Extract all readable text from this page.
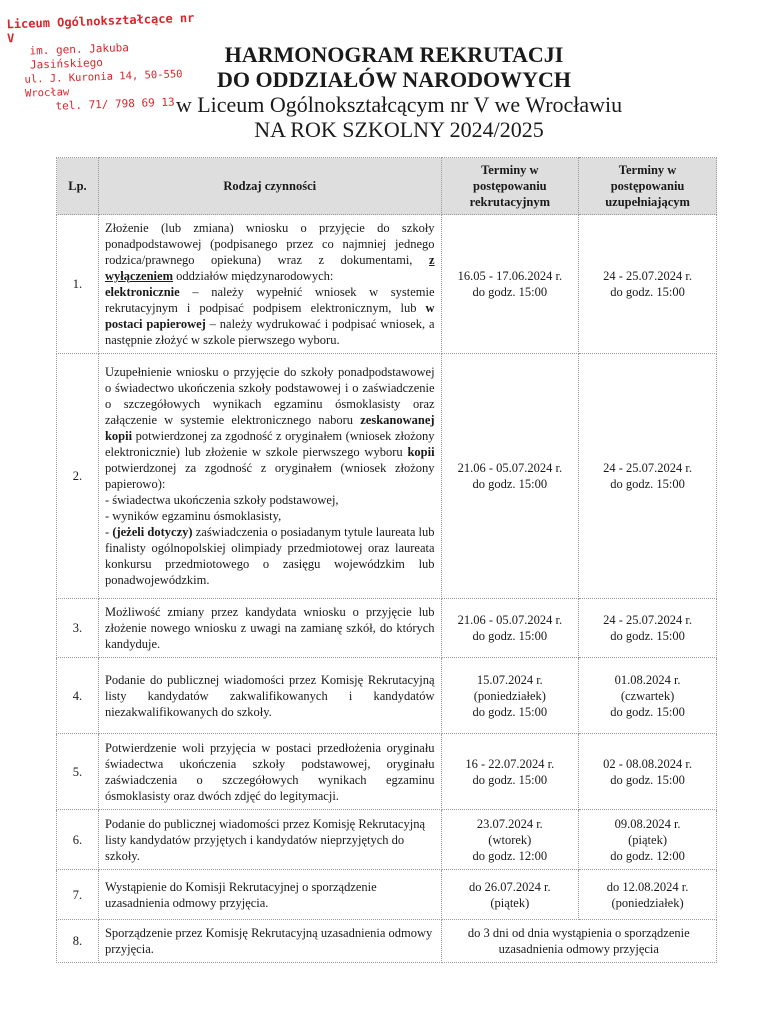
Liceum Ogólnokształcące nr V
im. gen. Jakuba Jasińskiego
ul. J. Kuronia 14, 50-550 Wrocław
tel. 71/ 798 69 13
HARMONOGRAM REKRUTACJI
DO ODDZIAŁÓW NARODOWYCH
w Liceum Ogólnokształcącym nr V we Wrocławiu
NA ROK SZKOLNY 2024/2025
Lp.	Rodzaj czynności	Terminy w postępowaniu rekrutacyjnym	Terminy w postępowaniu uzupełniającym
1.	Złożenie (lub zmiana) wniosku o przyjęcie do szkoły ponadpodstawowej (podpisanego przez co najmniej jednego rodzica/prawnego opiekuna) wraz z dokumentami, z wyłączeniem oddziałów międzynarodowych:
elektronicznie – należy wypełnić wniosek w systemie rekrutacyjnym i podpisać podpisem elektronicznym, lub w postaci papierowej – należy wydrukować i podpisać wniosek, a następnie złożyć w szkole pierwszego wyboru.	16.05 - 17.06.2024 r.
do godz. 15:00	24 - 25.07.2024 r.
do godz. 15:00
2.	Uzupełnienie wniosku o przyjęcie do szkoły ponadpodstawowej o świadectwo ukończenia szkoły podstawowej i o zaświadczenie o szczegółowych wynikach egzaminu ósmoklasisty oraz załączenie w systemie elektronicznego naboru zeskanowanej kopii potwierdzonej za zgodność z oryginałem (wniosek złożony elektronicznie) lub złożenie w szkole pierwszego wyboru kopii potwierdzonej za zgodność z oryginałem (wniosek złożony papierowo):
- świadectwa ukończenia szkoły podstawowej,
- wyników egzaminu ósmoklasisty,
- (jeżeli dotyczy) zaświadczenia o posiadanym tytule laureata lub finalisty ogólnopolskiej olimpiady przedmiotowej oraz laureata konkursu przedmiotowego o zasięgu wojewódzkim lub ponadwojewódzkim.	21.06 - 05.07.2024 r.
do godz. 15:00	24 - 25.07.2024 r.
do godz. 15:00
3.	Możliwość zmiany przez kandydata wniosku o przyjęcie lub złożenie nowego wniosku z uwagi na zamianę szkół, do których kandyduje.	21.06 - 05.07.2024 r.
do godz. 15:00	24 - 25.07.2024 r.
do godz. 15:00
4.	Podanie do publicznej wiadomości przez Komisję Rekrutacyjną listy kandydatów zakwalifikowanych i kandydatów niezakwalifikowanych do szkoły.	15.07.2024 r.
(poniedziałek)
do godz. 15:00	01.08.2024 r.
(czwartek)
do godz. 15:00
5.	Potwierdzenie woli przyjęcia w postaci przedłożenia oryginału świadectwa ukończenia szkoły podstawowej, oryginału zaświadczenia o szczegółowych wynikach egzaminu ósmoklasisty oraz dwóch zdjęć do legitymacji.	16 - 22.07.2024 r.
do godz. 15:00	02 - 08.08.2024 r.
do godz. 15:00
6.	Podanie do publicznej wiadomości przez Komisję Rekrutacyjną listy kandydatów przyjętych i kandydatów nieprzyjętych do szkoły.	23.07.2024 r.
(wtorek)
do godz. 12:00	09.08.2024 r.
(piątek)
do godz. 12:00
7.	Wystąpienie do Komisji Rekrutacyjnej o sporządzenie uzasadnienia odmowy przyjęcia.	do 26.07.2024 r.
(piątek)	do 12.08.2024 r.
(poniedziałek)
8.	Sporządzenie przez Komisję Rekrutacyjną uzasadnienia odmowy przyjęcia.	do 3 dni od dnia wystąpienia o sporządzenie
uzasadnienia odmowy przyjęcia	
